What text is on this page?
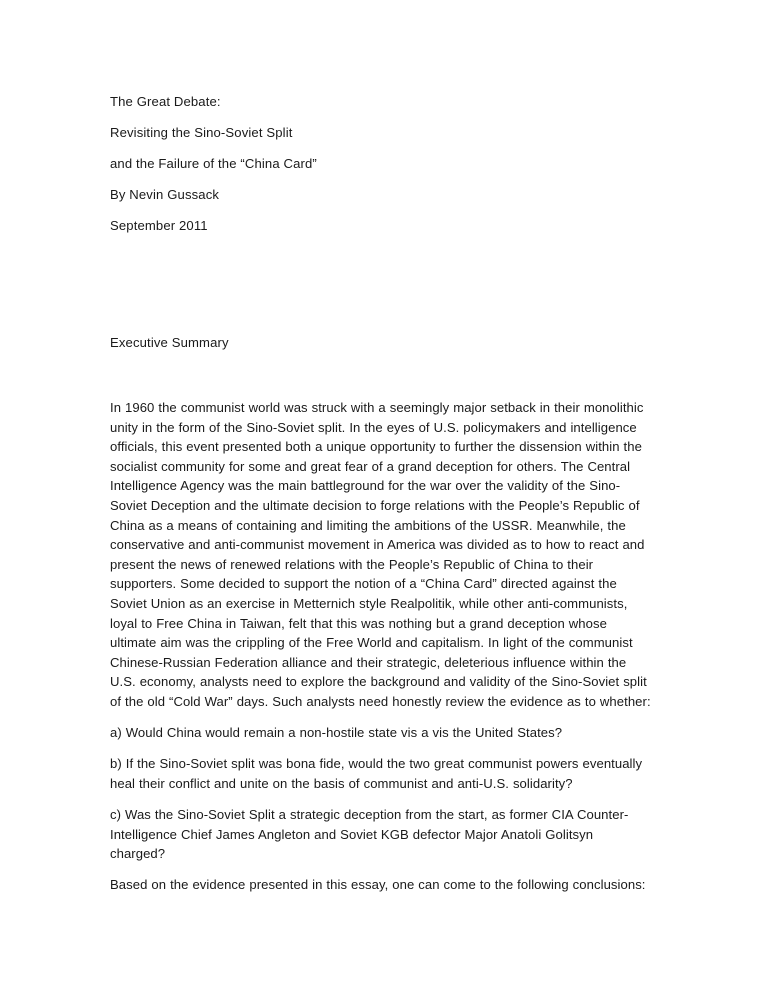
The Great Debate:
Revisiting the Sino-Soviet Split
and the Failure of the “China Card”
By Nevin Gussack
September 2011
Executive Summary

In 1960 the communist world was struck with a seemingly major setback in their monolithic unity in the form of the Sino-Soviet split. In the eyes of U.S. policymakers and intelligence officials, this event presented both a unique opportunity to further the dissension within the socialist community for some and great fear of a grand deception for others. The Central Intelligence Agency was the main battleground for the war over the validity of the Sino-Soviet Deception and the ultimate decision to forge relations with the People’s Republic of China as a means of containing and limiting the ambitions of the USSR. Meanwhile, the conservative and anti-communist movement in America was divided as to how to react and present the news of renewed relations with the People’s Republic of China to their supporters. Some decided to support the notion of a “China Card” directed against the Soviet Union as an exercise in Metternich style Realpolitik, while other anti-communists, loyal to Free China in Taiwan, felt that this was nothing but a grand deception whose ultimate aim was the crippling of the Free World and capitalism. In light of the communist Chinese-Russian Federation alliance and their strategic, deleterious influence within the U.S. economy, analysts need to explore the background and validity of the Sino-Soviet split of the old “Cold War” days. Such analysts need honestly review the evidence as to whether:

a) Would China would remain a non-hostile state vis a vis the United States?

b) If the Sino-Soviet split was bona fide, would the two great communist powers eventually heal their conflict and unite on the basis of communist and anti-U.S. solidarity?

c) Was the Sino-Soviet Split a strategic deception from the start, as former CIA Counter-Intelligence Chief James Angleton and Soviet KGB defector Major Anatoli Golitsyn charged?

Based on the evidence presented in this essay, one can come to the following conclusions:
